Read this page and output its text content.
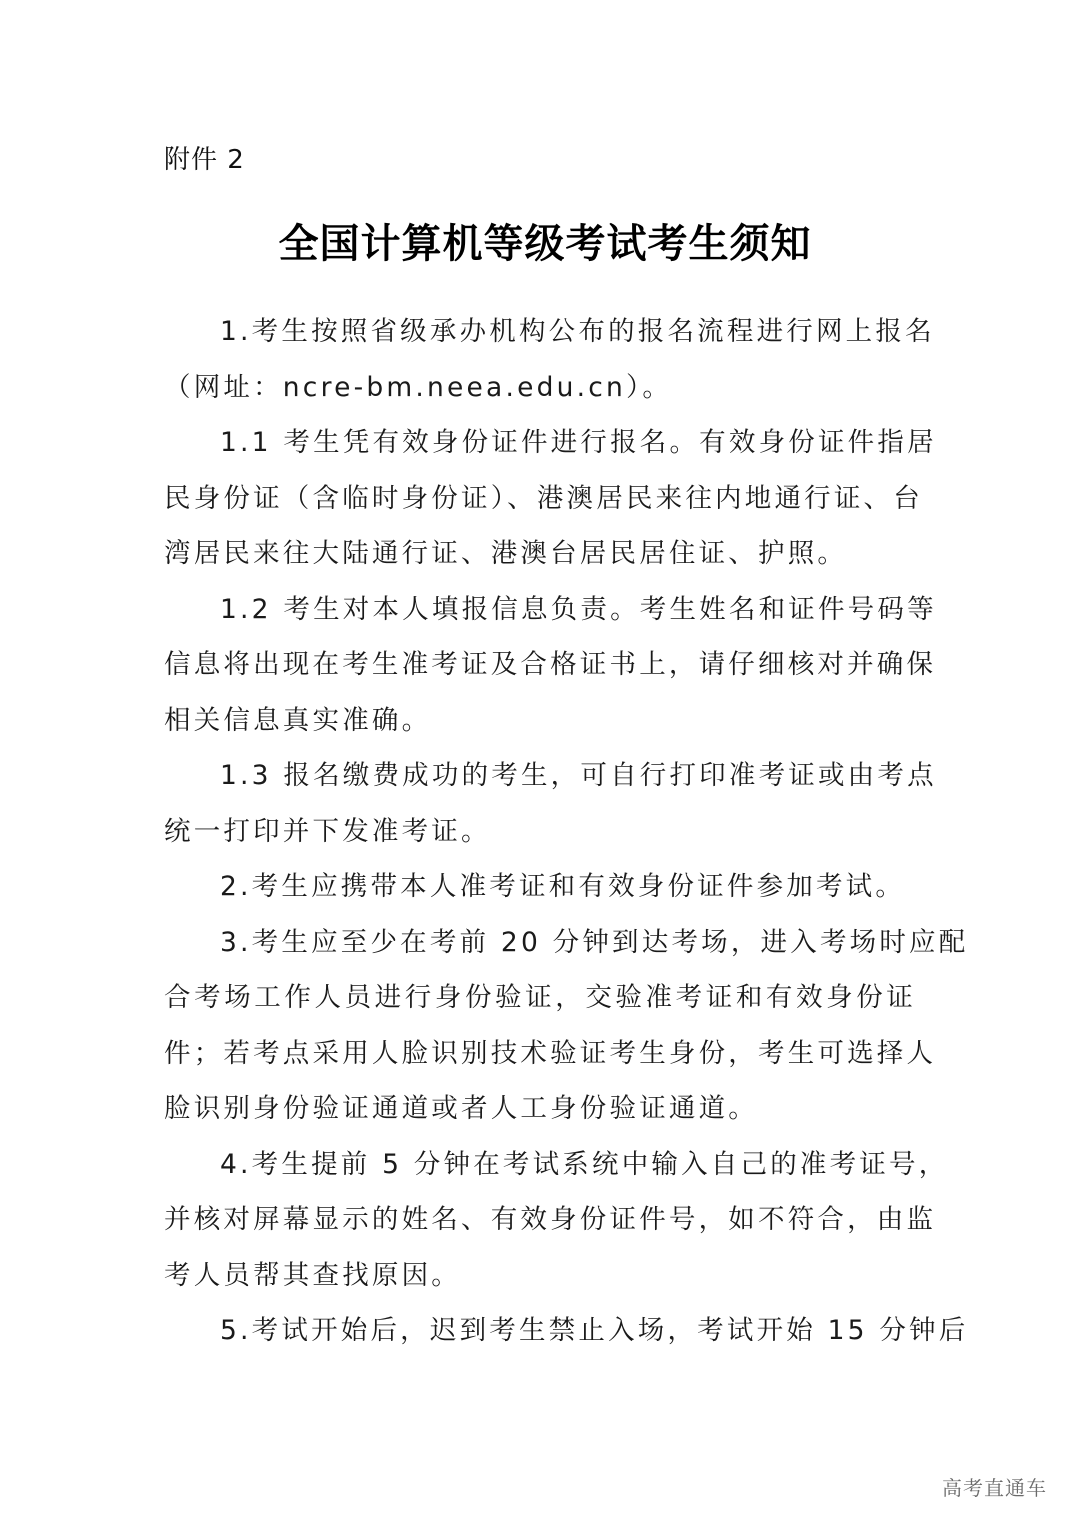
附件 2
全国计算机等级考试考生须知
1.考生按照省级承办机构公布的报名流程进行网上报名
（网址：ncre-bm.neea.edu.cn）。
1.1 考生凭有效身份证件进行报名。有效身份证件指居
民身份证（含临时身份证）、港澳居民来往内地通行证、台
湾居民来往大陆通行证、港澳台居民居住证、护照。
1.2 考生对本人填报信息负责。考生姓名和证件号码等
信息将出现在考生准考证及合格证书上，请仔细核对并确保
相关信息真实准确。
1.3 报名缴费成功的考生，可自行打印准考证或由考点
统一打印并下发准考证。
2.考生应携带本人准考证和有效身份证件参加考试。
3.考生应至少在考前 20 分钟到达考场，进入考场时应配
合考场工作人员进行身份验证，交验准考证和有效身份证
件；若考点采用人脸识别技术验证考生身份，考生可选择人
脸识别身份验证通道或者人工身份验证通道。
4.考生提前 5 分钟在考试系统中输入自己的准考证号，
并核对屏幕显示的姓名、有效身份证件号，如不符合，由监
考人员帮其查找原因。
5.考试开始后，迟到考生禁止入场，考试开始 15 分钟后
高考直通车
